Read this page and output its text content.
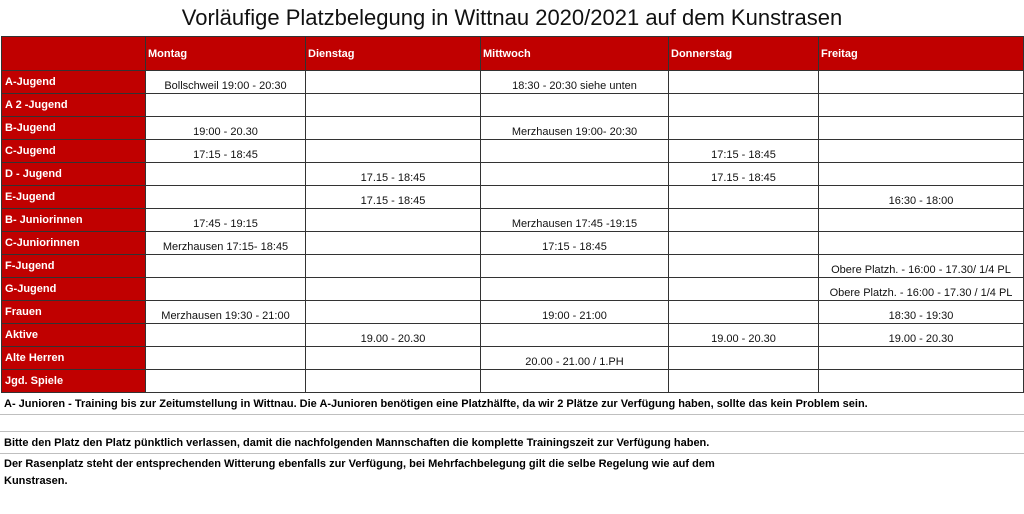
Vorläufige Platzbelegung in Wittnau 2020/2021 auf dem Kunstrasen
	Montag	Dienstag	Mittwoch	Donnerstag	Freitag
A-Jugend	Bollschweil 19:00 - 20:30		18:30 - 20:30 siehe unten		
A 2 -Jugend					
B-Jugend	19:00 - 20.30		Merzhausen 19:00- 20:30		
C-Jugend	17:15 - 18:45			17:15 - 18:45	
D - Jugend		17.15 - 18:45		17.15 - 18:45	
E-Jugend		17.15 - 18:45			16:30 - 18:00
B- Juniorinnen	17:45 - 19:15		Merzhausen 17:45 -19:15		
C-Juniorinnen	Merzhausen 17:15- 18:45		17:15 - 18:45		
F-Jugend					Obere Platzh. - 16:00 - 17.30/ 1/4 PL
G-Jugend					Obere Platzh. - 16:00 - 17.30 / 1/4 PL
Frauen	Merzhausen 19:30 - 21:00		19:00 - 21:00		18:30 - 19:30
Aktive		19.00 - 20.30		19.00 - 20.30	19.00 - 20.30
Alte Herren			20.00 - 21.00 / 1.PH		
Jgd. Spiele					

A- Junioren - Training bis zur Zeitumstellung in Wittnau. Die A-Junioren benötigen eine Platzhälfte, da wir 2 Plätze zur Verfügung haben, sollte das kein Problem sein.
Bitte den Platz den Platz pünktlich verlassen, damit die nachfolgenden Mannschaften die komplette Trainingszeit zur Verfügung haben.
Der Rasenplatz steht der entsprechenden Witterung ebenfalls zur Verfügung, bei Mehrfachbelegung gilt die selbe Regelung wie auf dem
Kunstrasen.
